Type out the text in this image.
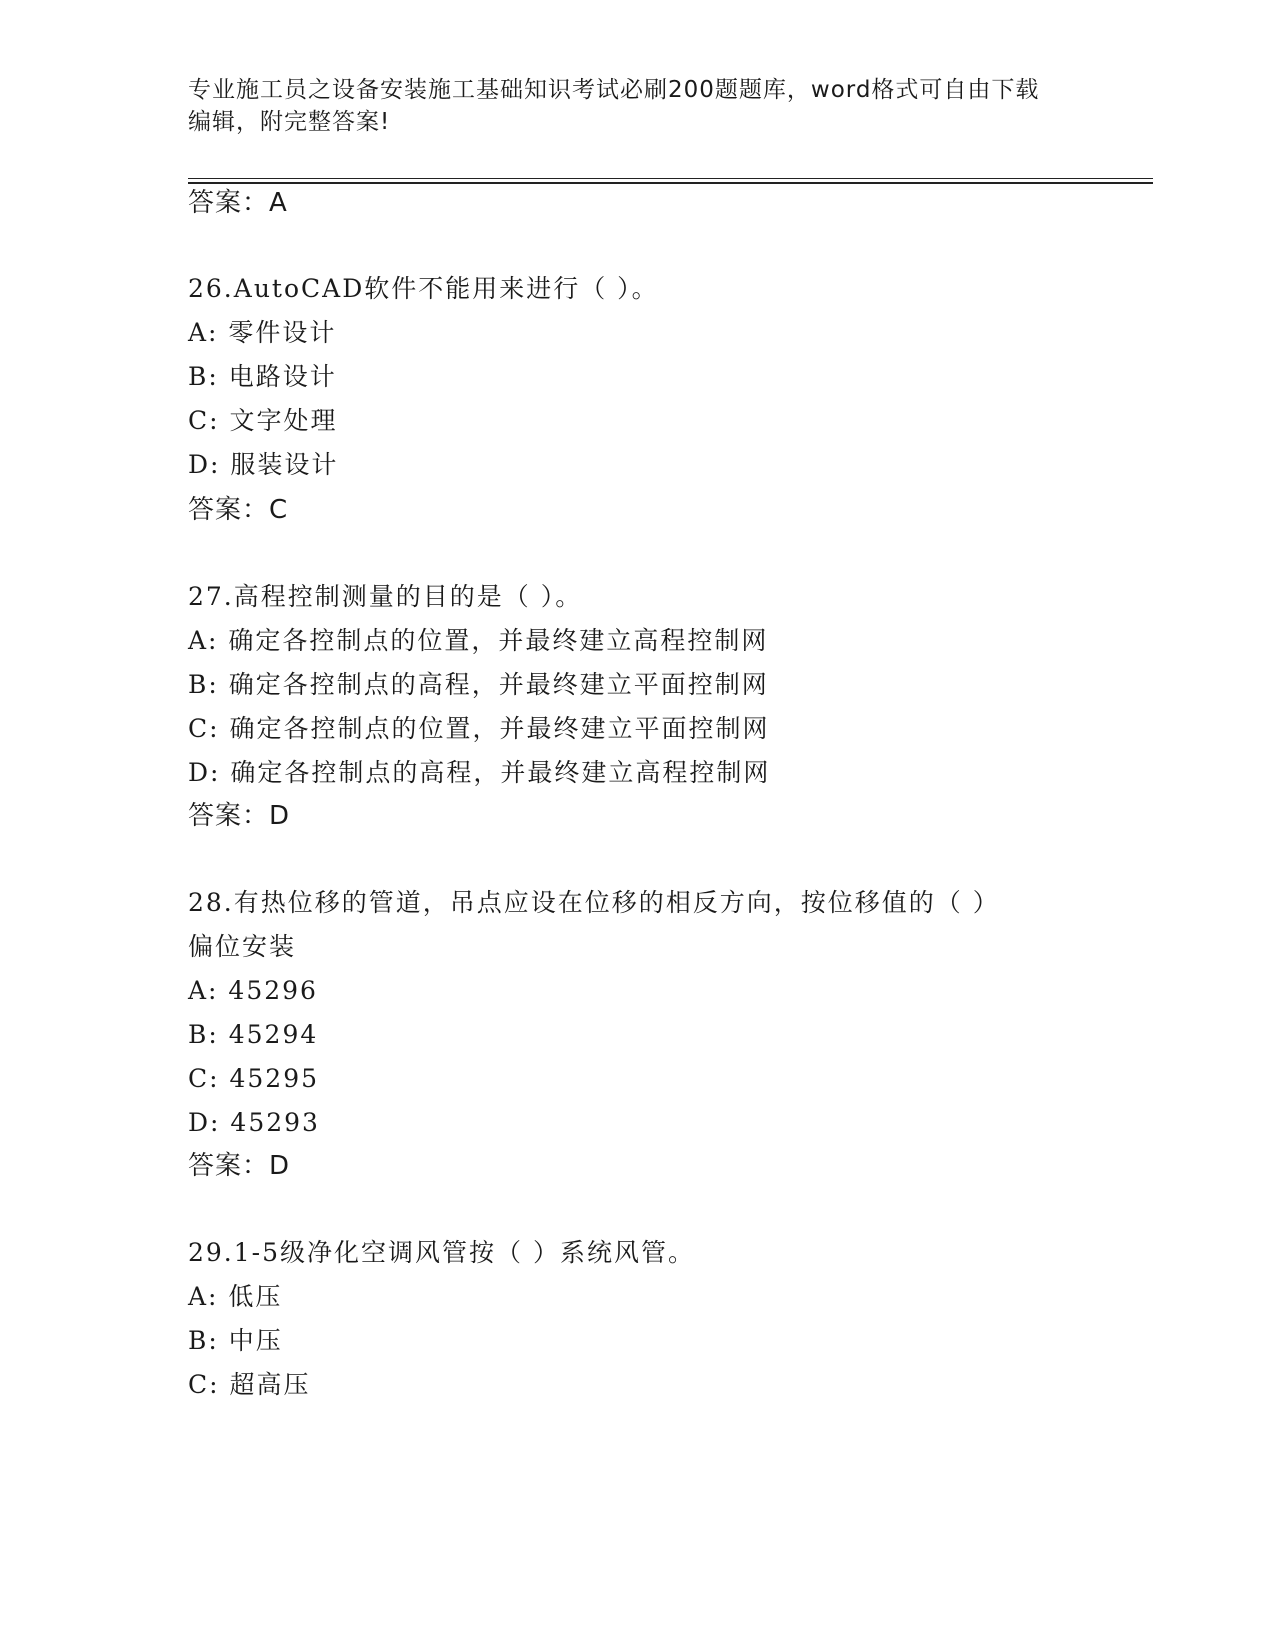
专业施工员之设备安装施工基础知识考试必刷200题题库，word格式可自由下载
编辑，附完整答案!
答案：A
26.AutoCAD软件不能用来进行（ ）。
A: 零件设计
B: 电路设计
C: 文字处理
D: 服装设计
答案：C
27.高程控制测量的目的是（ ）。
A: 确定各控制点的位置，并最终建立高程控制网
B: 确定各控制点的高程，并最终建立平面控制网
C: 确定各控制点的位置，并最终建立平面控制网
D: 确定各控制点的高程，并最终建立高程控制网
答案：D
28.有热位移的管道，吊点应设在位移的相反方向，按位移值的（ ）
偏位安装
A: 45296
B: 45294
C: 45295
D: 45293
答案：D
29.1-5级净化空调风管按（ ）系统风管。
A: 低压
B: 中压
C: 超高压
